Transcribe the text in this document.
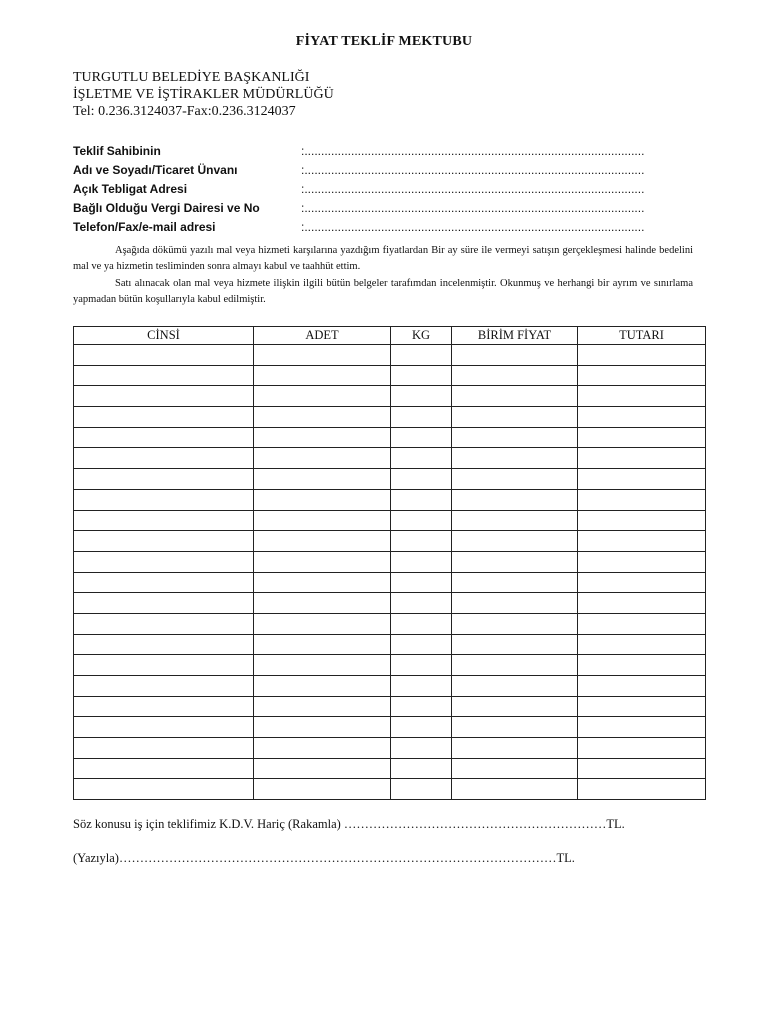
FİYAT TEKLİF MEKTUBU
TURGUTLU BELEDİYE BAŞKANLIĞI
İŞLETME VE İŞTİRAKLER MÜDÜRLÜĞÜ
Tel: 0.236.3124037-Fax:0.236.3124037
Teklif Sahibinin	:......................................................................................................
Adı ve Soyadı/Ticaret Ünvanı	:......................................................................................................
Açık Tebligat Adresi	:......................................................................................................
Bağlı Olduğu Vergi Dairesi ve No	:......................................................................................................
Telefon/Fax/e-mail adresi	:......................................................................................................
Aşağıda dökümü yazılı mal veya hizmeti karşılarına yazdığım fiyatlardan Bir ay süre ile vermeyi satışın gerçekleşmesi halinde bedelini mal ve ya hizmetin tesliminden sonra almayı kabul ve taahhüt ettim.
Satı alınacak olan mal veya hizmete ilişkin ilgili bütün belgeler tarafımdan incelenmiştir. Okunmuş ve herhangi bir ayrım ve sınırlama yapmadan bütün koşullarıyla kabul edilmiştir.
CİNSİ	ADET	KG	BİRİM FİYAT	TUTARI

Söz konusu iş için teklifimiz K.D.V. Hariç (Rakamla) ………………………………………………………TL.
(Yazıyla)……………………………………………………………………………………………TL.
